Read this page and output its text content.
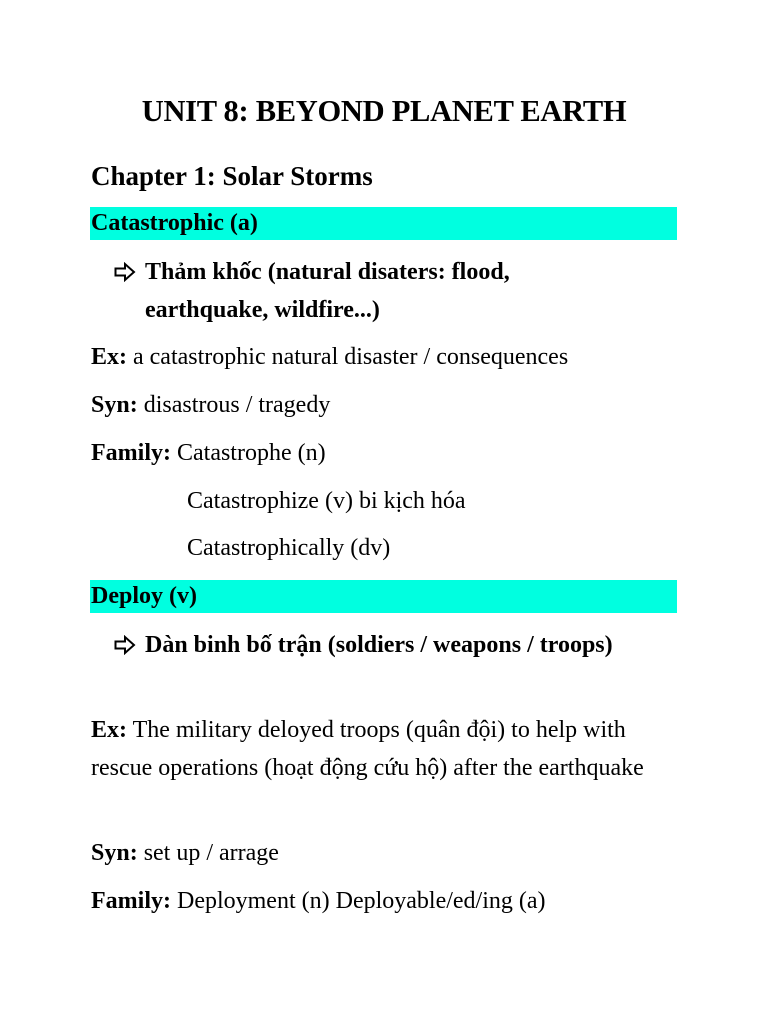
UNIT 8: BEYOND PLANET EARTH
Chapter 1: Solar Storms
Catastrophic (a)
Thảm khốc (natural disaters: flood, earthquake, wildfire...)
Ex: a catastrophic natural disaster / consequences
Syn: disastrous / tragedy
Family: Catastrophe (n)
Catastrophize (v) bi kịch hóa
Catastrophically (dv)
Deploy (v)
Dàn binh bố trận (soldiers / weapons / troops)
Ex: The military deloyed troops (quân đội) to help with rescue operations (hoạt động cứu hộ) after the earthquake
Syn: set up / arrage
Family: Deployment (n) Deployable/ed/ing (a)
